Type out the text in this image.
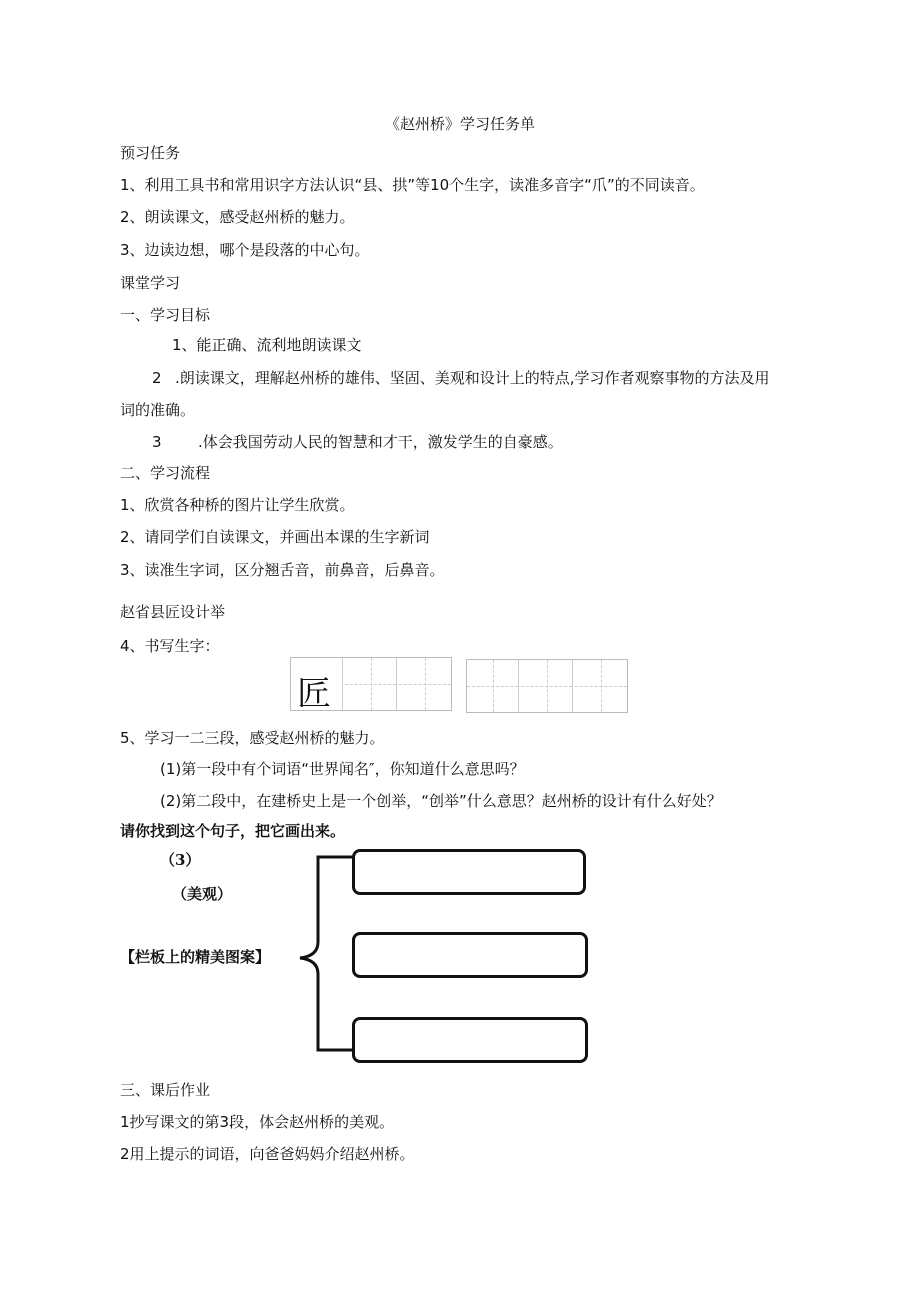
《赵州桥》学习任务单
预习任务
1、利用工具书和常用识字方法认识“县、拱”等10个生字，读准多音字“爪”的不同读音。
2、朗读课文，感受赵州桥的魅力。
3、边读边想，哪个是段落的中心句。
课堂学习
一、学习目标
1、能正确、流利地朗读课文
2 .朗读课文，理解赵州桥的雄伟、坚固、美观和设计上的特点,学习作者观察事物的方法及用
词的准确。
3 .体会我国劳动人民的智慧和才干，激发学生的自豪感。
二、学习流程
1、欣赏各种桥的图片让学生欣赏。
2、请同学们自读课文，并画出本课的生字新词
3、读准生字词，区分翘舌音，前鼻音，后鼻音。
赵省县匠设计举
4、书写生字：
匠
5、学习一二三段，感受赵州桥的魅力。
(1)第一段中有个词语“世界闻名″，你知道什么意思吗？
(2)第二段中，在建桥史上是一个创举，“创举”什么意思？赵州桥的设计有什么好处？
请你找到这个句子，把它画出来。
（3）
（美观）
【栏板上的精美图案】
三、课后作业
1抄写课文的第3段，体会赵州桥的美观。
2用上提示的词语，向爸爸妈妈介绍赵州桥。
